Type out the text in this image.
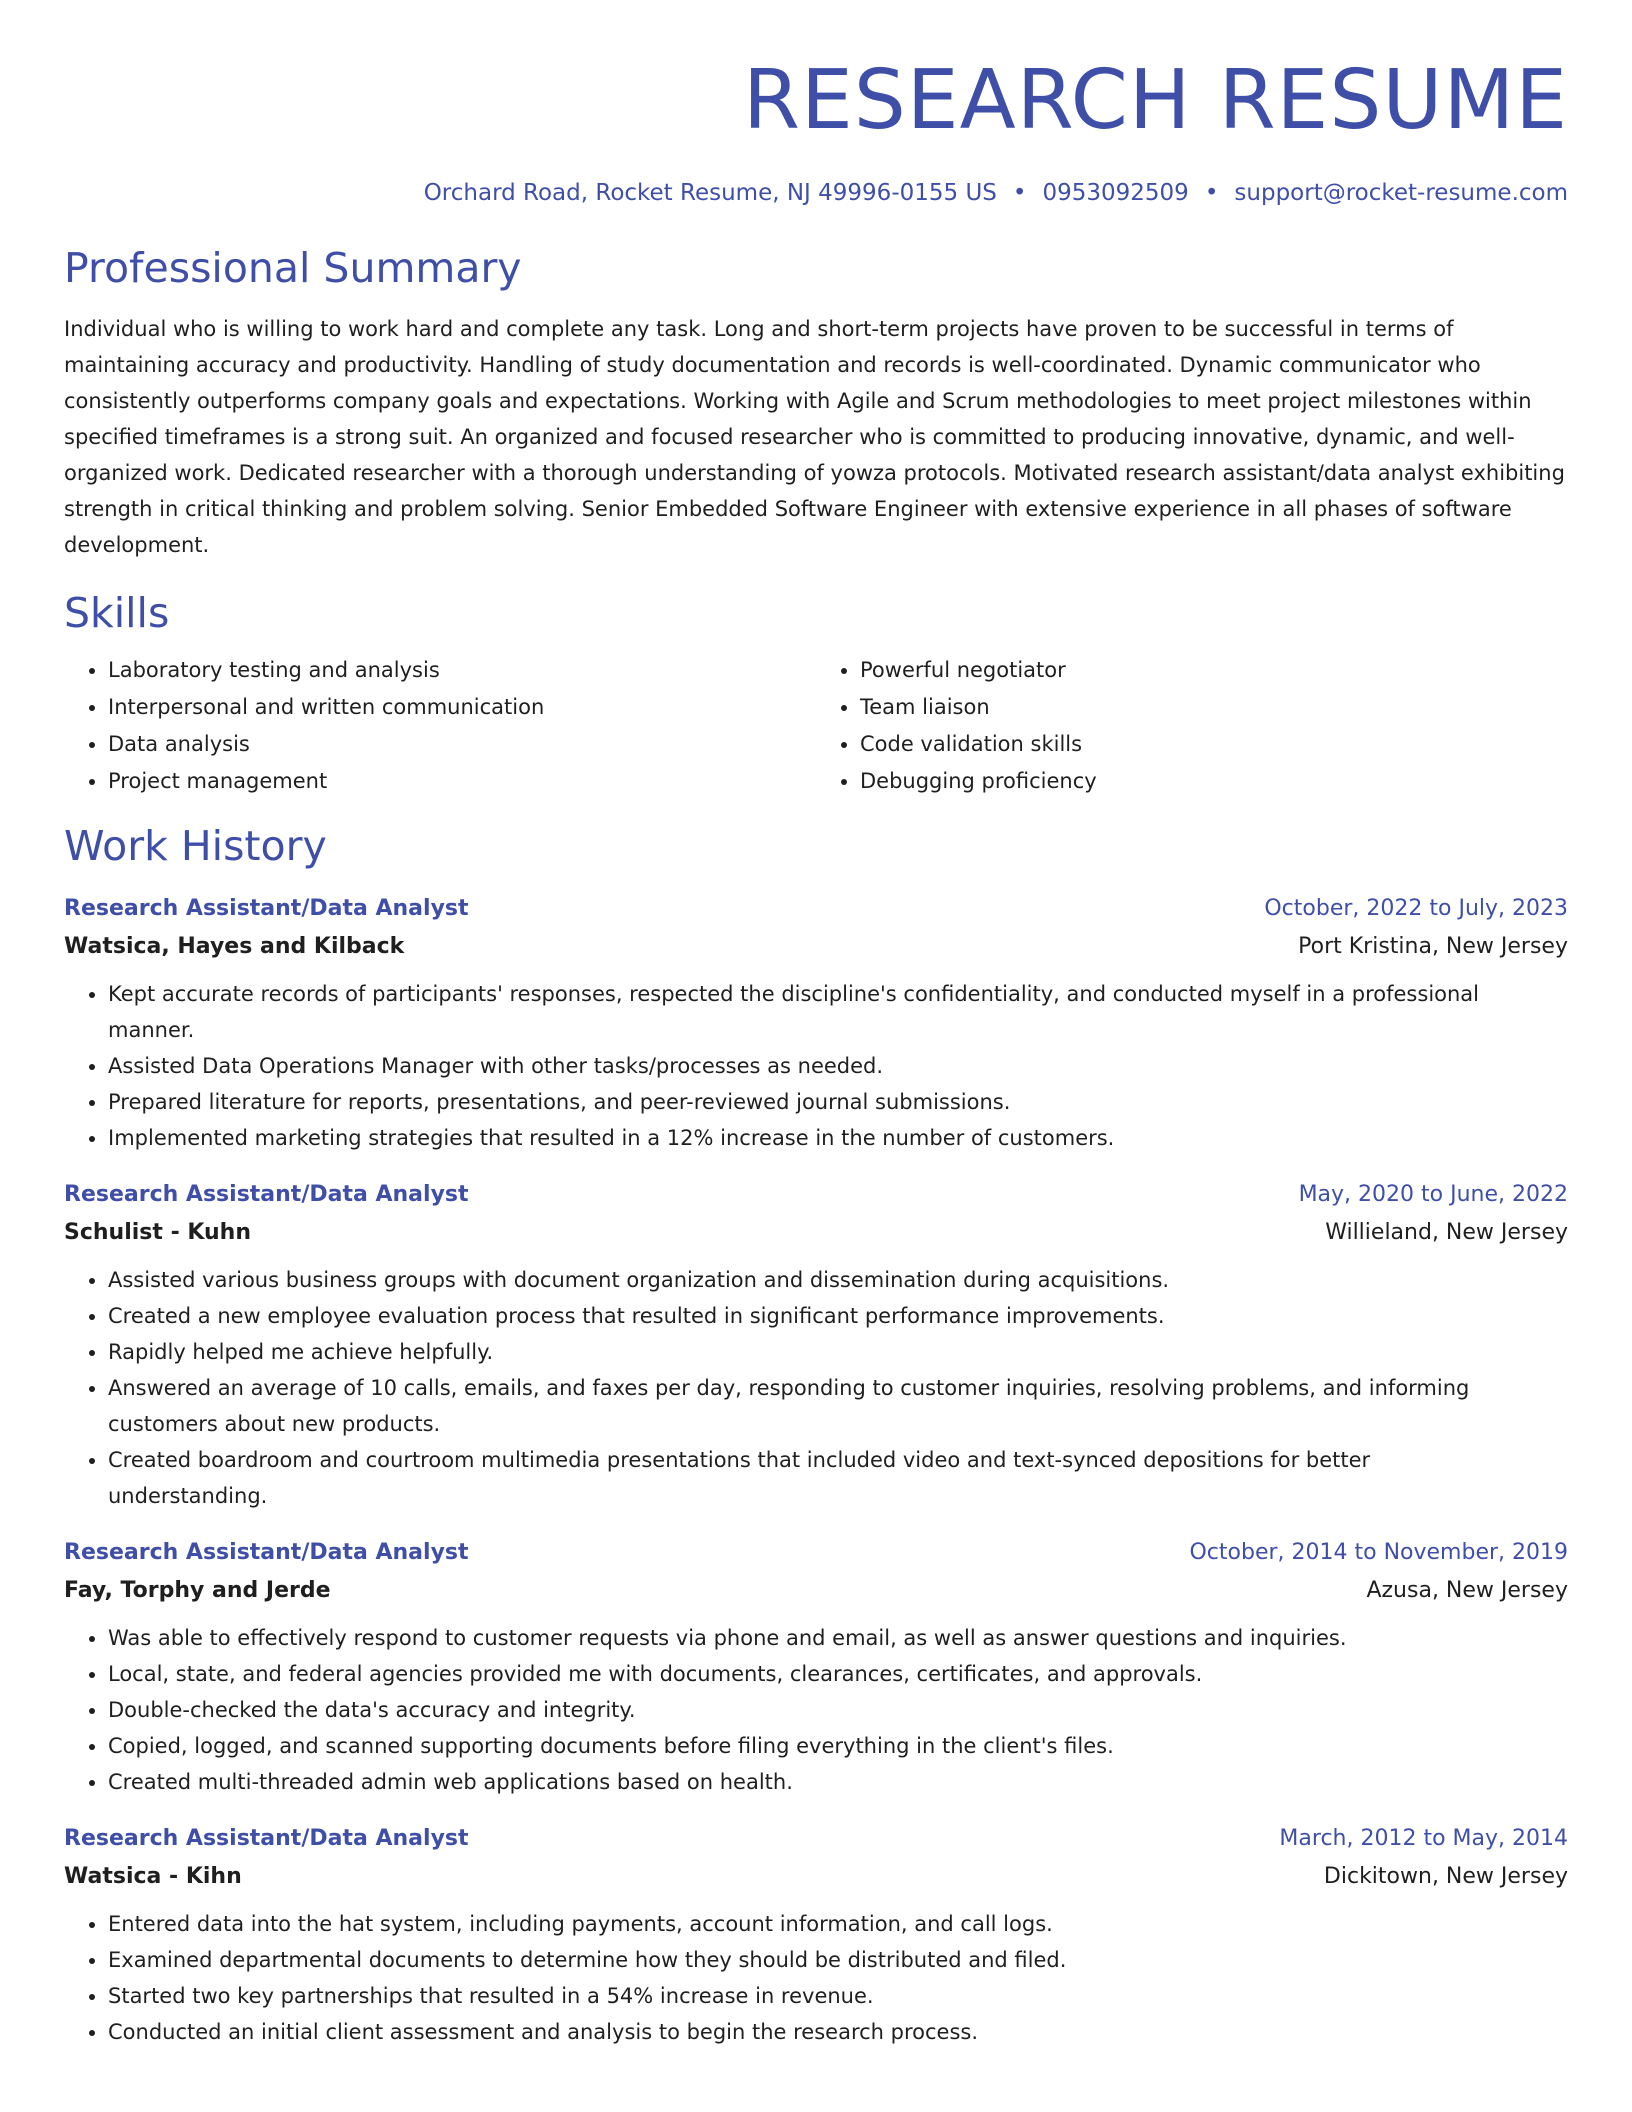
RESEARCH RESUME
Orchard Road, Rocket Resume, NJ 49996-0155 US • 0953092509 • support@rocket-resume.com
Professional Summary
Individual who is willing to work hard and complete any task. Long and short-term projects have proven to be successful in terms of maintaining accuracy and productivity. Handling of study documentation and records is well-coordinated. Dynamic communicator who consistently outperforms company goals and expectations. Working with Agile and Scrum methodologies to meet project milestones within specified timeframes is a strong suit. An organized and focused researcher who is committed to producing innovative, dynamic, and well-organized work. Dedicated researcher with a thorough understanding of yowza protocols. Motivated research assistant/data analyst exhibiting strength in critical thinking and problem solving. Senior Embedded Software Engineer with extensive experience in all phases of software development.
Skills
• Laboratory testing and analysis
• Interpersonal and written communication
• Data analysis
• Project management
• Powerful negotiator
• Team liaison
• Code validation skills
• Debugging proficiency
Work History
Research Assistant/Data Analyst	October, 2022 to July, 2023
Watsica, Hayes and Kilback	Port Kristina, New Jersey
• Kept accurate records of participants' responses, respected the discipline's confidentiality, and conducted myself in a professional manner.
• Assisted Data Operations Manager with other tasks/processes as needed.
• Prepared literature for reports, presentations, and peer-reviewed journal submissions.
• Implemented marketing strategies that resulted in a 12% increase in the number of customers.
Research Assistant/Data Analyst	May, 2020 to June, 2022
Schulist - Kuhn	Willieland, New Jersey
• Assisted various business groups with document organization and dissemination during acquisitions.
• Created a new employee evaluation process that resulted in significant performance improvements.
• Rapidly helped me achieve helpfully.
• Answered an average of 10 calls, emails, and faxes per day, responding to customer inquiries, resolving problems, and informing customers about new products.
• Created boardroom and courtroom multimedia presentations that included video and text-synced depositions for better understanding.
Research Assistant/Data Analyst	October, 2014 to November, 2019
Fay, Torphy and Jerde	Azusa, New Jersey
• Was able to effectively respond to customer requests via phone and email, as well as answer questions and inquiries.
• Local, state, and federal agencies provided me with documents, clearances, certificates, and approvals.
• Double-checked the data's accuracy and integrity.
• Copied, logged, and scanned supporting documents before filing everything in the client's files.
• Created multi-threaded admin web applications based on health.
Research Assistant/Data Analyst	March, 2012 to May, 2014
Watsica - Kihn	Dickitown, New Jersey
• Entered data into the hat system, including payments, account information, and call logs.
• Examined departmental documents to determine how they should be distributed and filed.
• Started two key partnerships that resulted in a 54% increase in revenue.
• Conducted an initial client assessment and analysis to begin the research process.
